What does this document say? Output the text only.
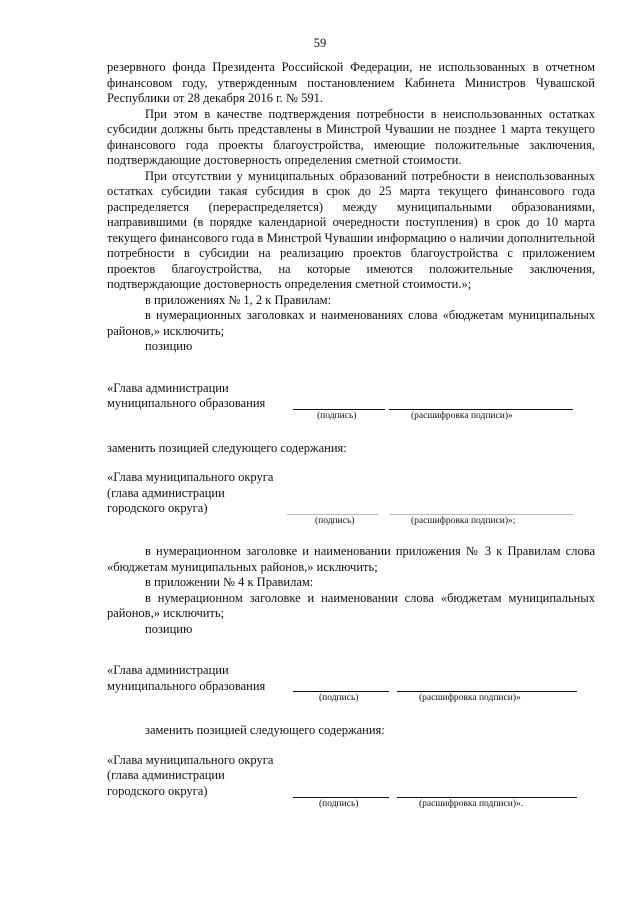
59

резервного фонда Президента Российской Федерации, не использованных в отчетном финансовом году, утвержденным постановлением Кабинета Министров Чувашской Республики от 28 декабря 2016 г. № 591.

При этом в качестве подтверждения потребности в неиспользованных остатках субсидии должны быть представлены в Минстрой Чувашии не позднее 1 марта текущего финансового года проекты благоустройства, имеющие положительные заключения, подтверждающие достоверность определения сметной стоимости.

При отсутствии у муниципальных образований потребности в неиспользованных остатках субсидии такая субсидия в срок до 25 марта текущего финансового года распределяется (перераспределяется) между муниципальными образованиями, направившими (в порядке календарной очередности поступления) в срок до 10 марта текущего финансового года в Минстрой Чувашии информацию о наличии дополнительной потребности в субсидии на реализацию проектов благоустройства с приложением проектов благоустройства, на которые имеются положительные заключения, подтверждающие достоверность определения сметной стоимости.»;

в приложениях № 1, 2 к Правилам:

в нумерационных заголовках и наименованиях слова «бюджетам муниципальных районов,» исключить;

позицию

«Глава администрации

муниципального образования

(подпись)	(расшифровка подписи)»

заменить позицией следующего содержания:

«Глава муниципального округа

(глава администрации

городского округа)

(подпись)	(расшифровка подписи)»;

в нумерационном заголовке и наименовании приложения № 3 к Правилам слова «бюджетам муниципальных районов,» исключить;

в приложении № 4 к Правилам:

в нумерационном заголовке и наименовании слова «бюджетам муниципальных районов,» исключить;

позицию

«Глава администрации

муниципального образования

(подпись)	(расшифровка подписи)»

заменить позицией следующего содержания:

«Глава муниципального округа

(глава администрации

городского округа)

(подпись)	(расшифровка подписи)».
